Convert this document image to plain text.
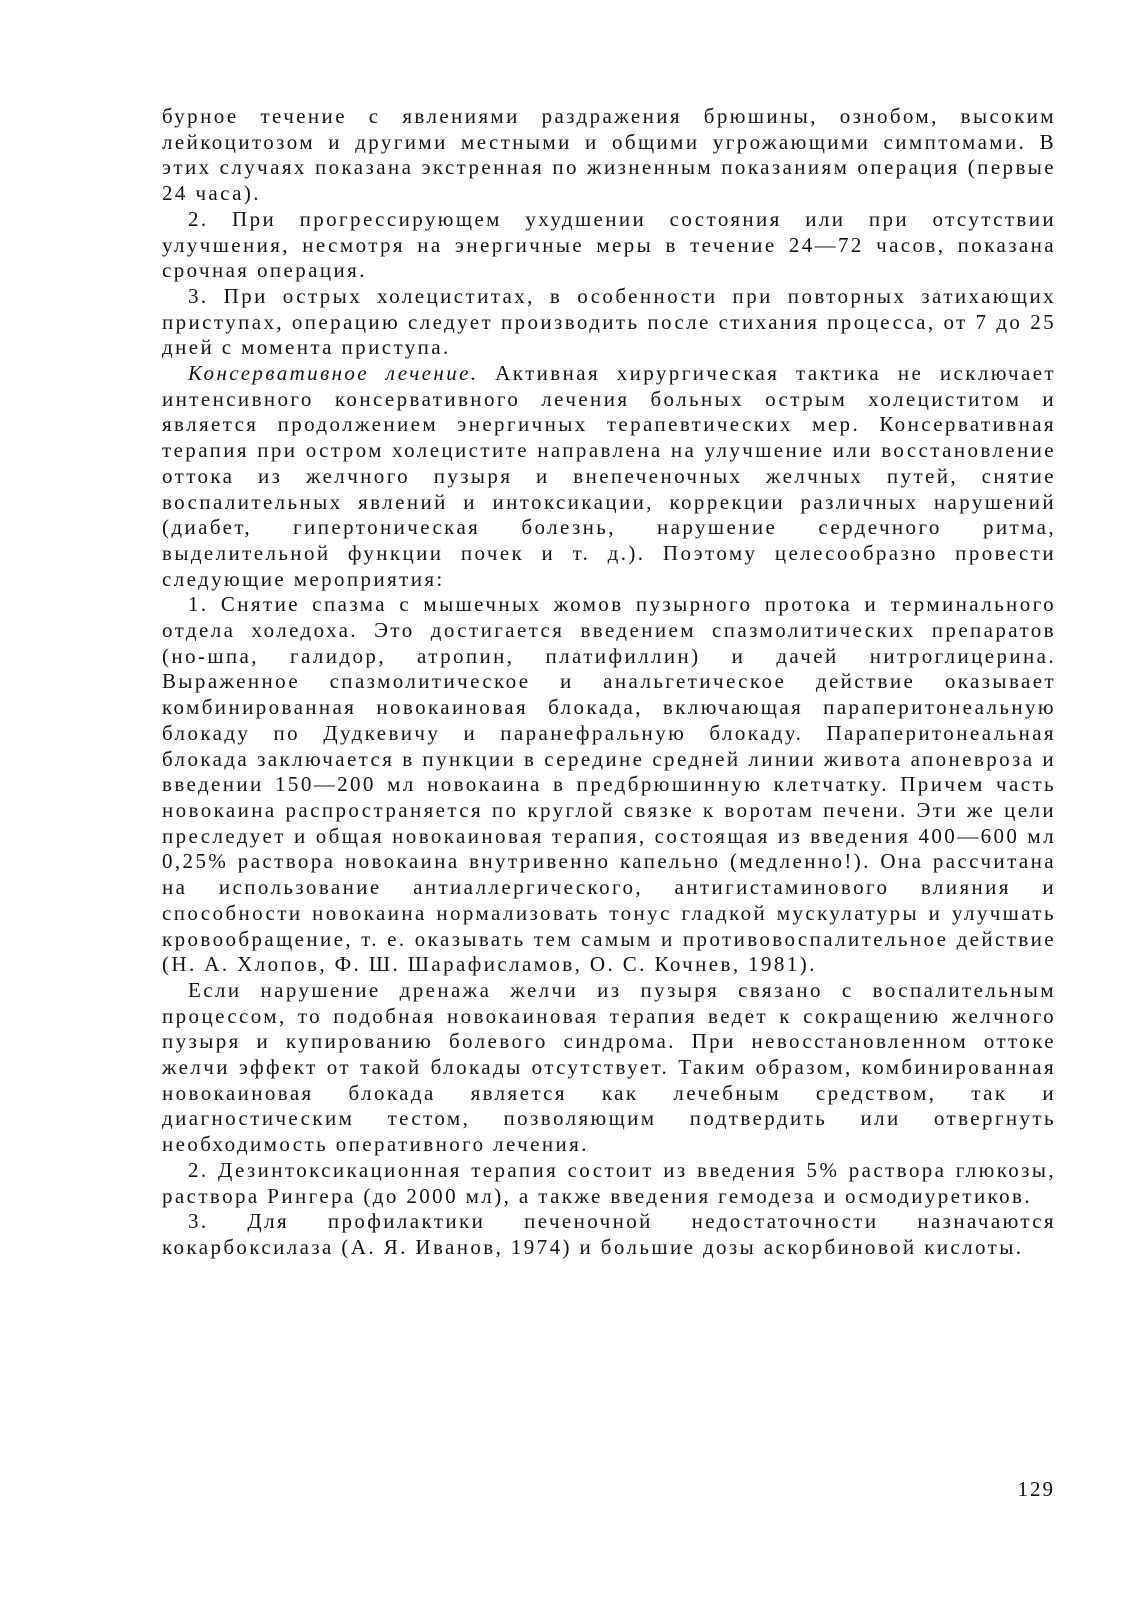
бурное течение с явлениями раздражения брюшины, ознобом, высоким лейкоцитозом и другими местными и общими угрожающими симптомами. В этих случаях показана экстренная по жизненным показаниям операция (первые 24 часа).

2. При прогрессирующем ухудшении состояния или при отсутствии улучшения, несмотря на энергичные меры в течение 24—72 часов, показана срочная операция.

3. При острых холециститах, в особенности при повторных затихающих приступах, операцию следует производить после стихания процесса, от 7 до 25 дней с момента приступа.

Консервативное лечение. Активная хирургическая тактика не исключает интенсивного консервативного лечения больных острым холециститом и является продолжением энергичных терапевтических мер. Консервативная терапия при остром холецистите направлена на улучшение или восстановление оттока из желчного пузыря и внепеченочных желчных путей, снятие воспалительных явлений и интоксикации, коррекции различных нарушений (диабет, гипертоническая болезнь, нарушение сердечного ритма, выделительной функции почек и т. д.). Поэтому целесообразно провести следующие мероприятия:

1. Снятие спазма с мышечных жомов пузырного протока и терминального отдела холедоха. Это достигается введением спазмолитических препаратов (но-шпа, галидор, атропин, платифиллин) и дачей нитроглицерина. Выраженное спазмолитическое и анальгетическое действие оказывает комбинированная новокаиновая блокада, включающая параперитонеальную блокаду по Дудкевичу и паранефральную блокаду. Параперитонеальная блокада заключается в пункции в середине средней линии живота апоневроза и введении 150—200 мл новокаина в предбрюшинную клетчатку. Причем часть новокаина распространяется по круглой связке к воротам печени. Эти же цели преследует и общая новокаиновая терапия, состоящая из введения 400—600 мл 0,25% раствора новокаина внутривенно капельно (медленно!). Она рассчитана на использование антиаллергического, антигистаминового влияния и способности новокаина нормализовать тонус гладкой мускулатуры и улучшать кровообращение, т. е. оказывать тем самым и противовоспалительное действие (Н. А. Хлопов, Ф. Ш. Шарафисламов, О. С. Кочнев, 1981).

Если нарушение дренажа желчи из пузыря связано с воспалительным процессом, то подобная новокаиновая терапия ведет к сокращению желчного пузыря и купированию болевого синдрома. При невосстановленном оттоке желчи эффект от такой блокады отсутствует. Таким образом, комбинированная новокаиновая блокада является как лечебным средством, так и диагностическим тестом, позволяющим подтвердить или отвергнуть необходимость оперативного лечения.

2. Дезинтоксикационная терапия состоит из введения 5% раствора глюкозы, раствора Рингера (до 2000 мл), а также введения гемодеза и осмодиуретиков.

3. Для профилактики печеночной недостаточности назначаются кокарбоксилаза (А. Я. Иванов, 1974) и большие дозы аскорбиновой кислоты.

129
